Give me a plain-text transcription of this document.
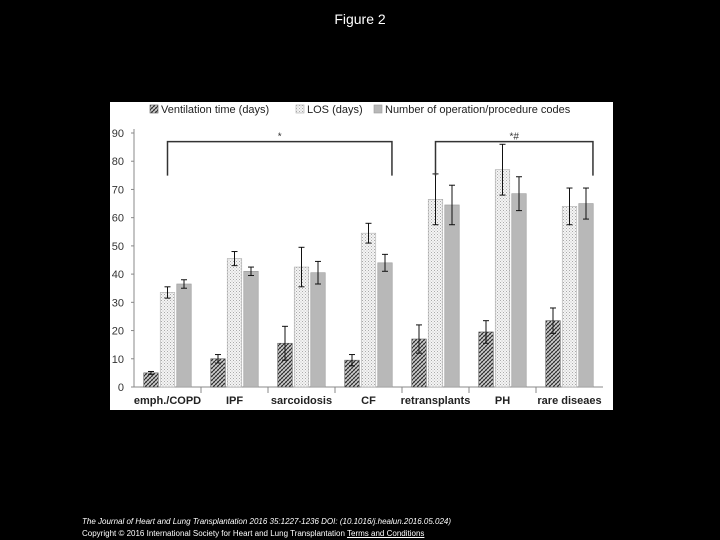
Figure 2
0
10
20
30
40
50
60
70
80
90
emph./COPD IPF	sarcoidosis	CF retransplants PH rare diseaes
*	*#
Ventilation time (days)	LOS (days) Number of operation/procedure codes
The Journal of Heart and Lung Transplantation 2016 35:1227-1236 DOI: (10.1016/j.healun.2016.05.024)
Copyright © 2016 International Society for Heart and Lung Transplantation Terms and Conditions
